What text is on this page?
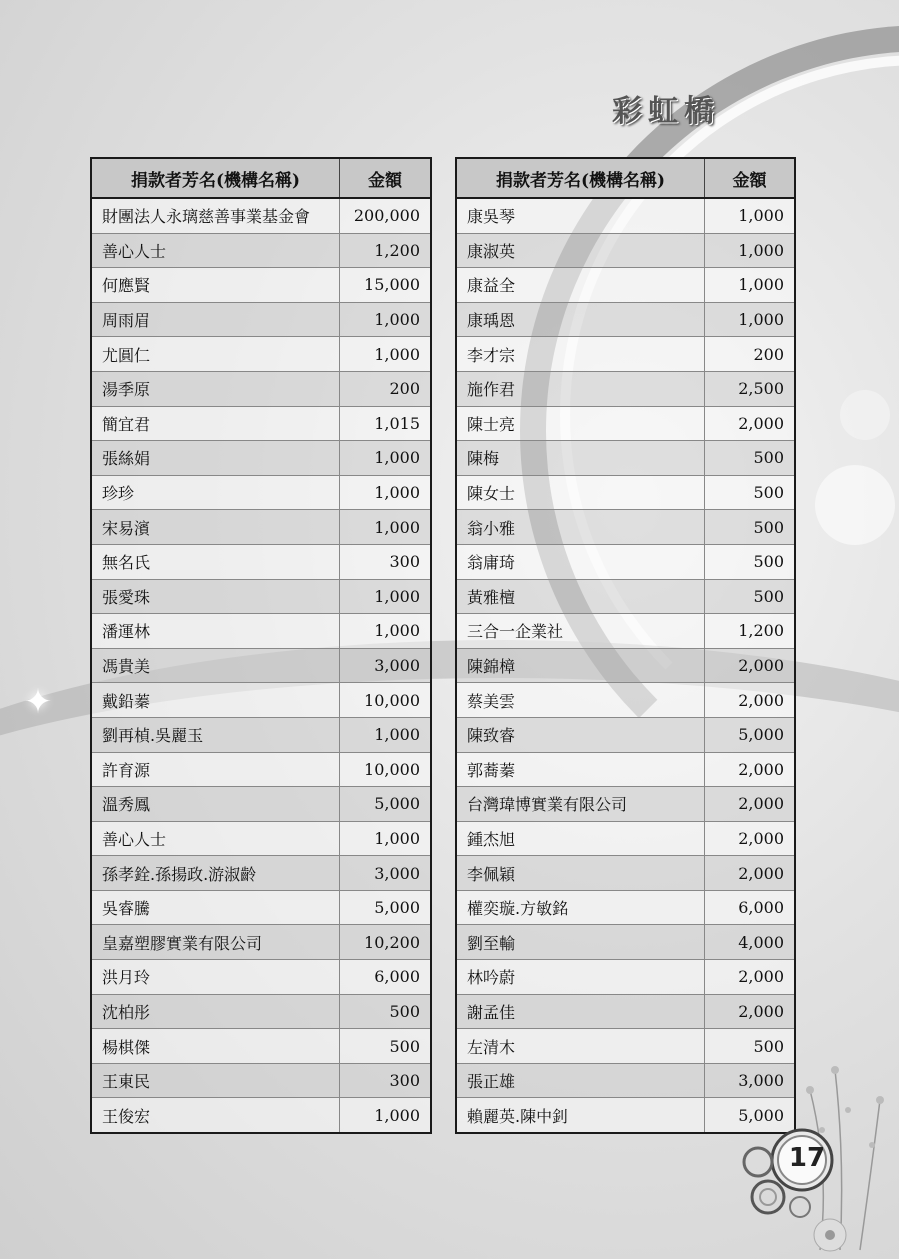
✦
彩虹橋
捐款者芳名(機構名稱)	金額
財團法人永璃慈善事業基金會	200,000
善心人士	1,200
何應賢	15,000
周雨眉	1,000
尤圓仁	1,000
湯季原	200
簡宜君	1,015
張絲娟	1,000
珍珍	1,000
宋易濱	1,000
無名氏	300
張愛珠	1,000
潘運林	1,000
馮貴美	3,000
戴鉛蓁	10,000
劉再楨.吳麗玉	1,000
許育源	10,000
溫秀鳳	5,000
善心人士	1,000
孫孝銓.孫揚政.游淑齡	3,000
吳睿騰	5,000
皇嘉塑膠實業有限公司	10,200
洪月玲	6,000
沈柏彤	500
楊棋傑	500
王東民	300
王俊宏	1,000
捐款者芳名(機構名稱)	金額
康吳琴	1,000
康淑英	1,000
康益全	1,000
康瑀恩	1,000
李才宗	200
施作君	2,500
陳士亮	2,000
陳梅	500
陳女士	500
翁小雅	500
翁庸琦	500
黃雅檀	500
三合一企業社	1,200
陳錦樟	2,000
蔡美雲	2,000
陳致睿	5,000
郭蕎蓁	2,000
台灣瑋博實業有限公司	2,000
鍾杰旭	2,000
李佩穎	2,000
權奕璇.方敏銘	6,000
劉至輸	4,000
林吟蔚	2,000
謝孟佳	2,000
左清木	500
張正雄	3,000
賴麗英.陳中釗	5,000
17
